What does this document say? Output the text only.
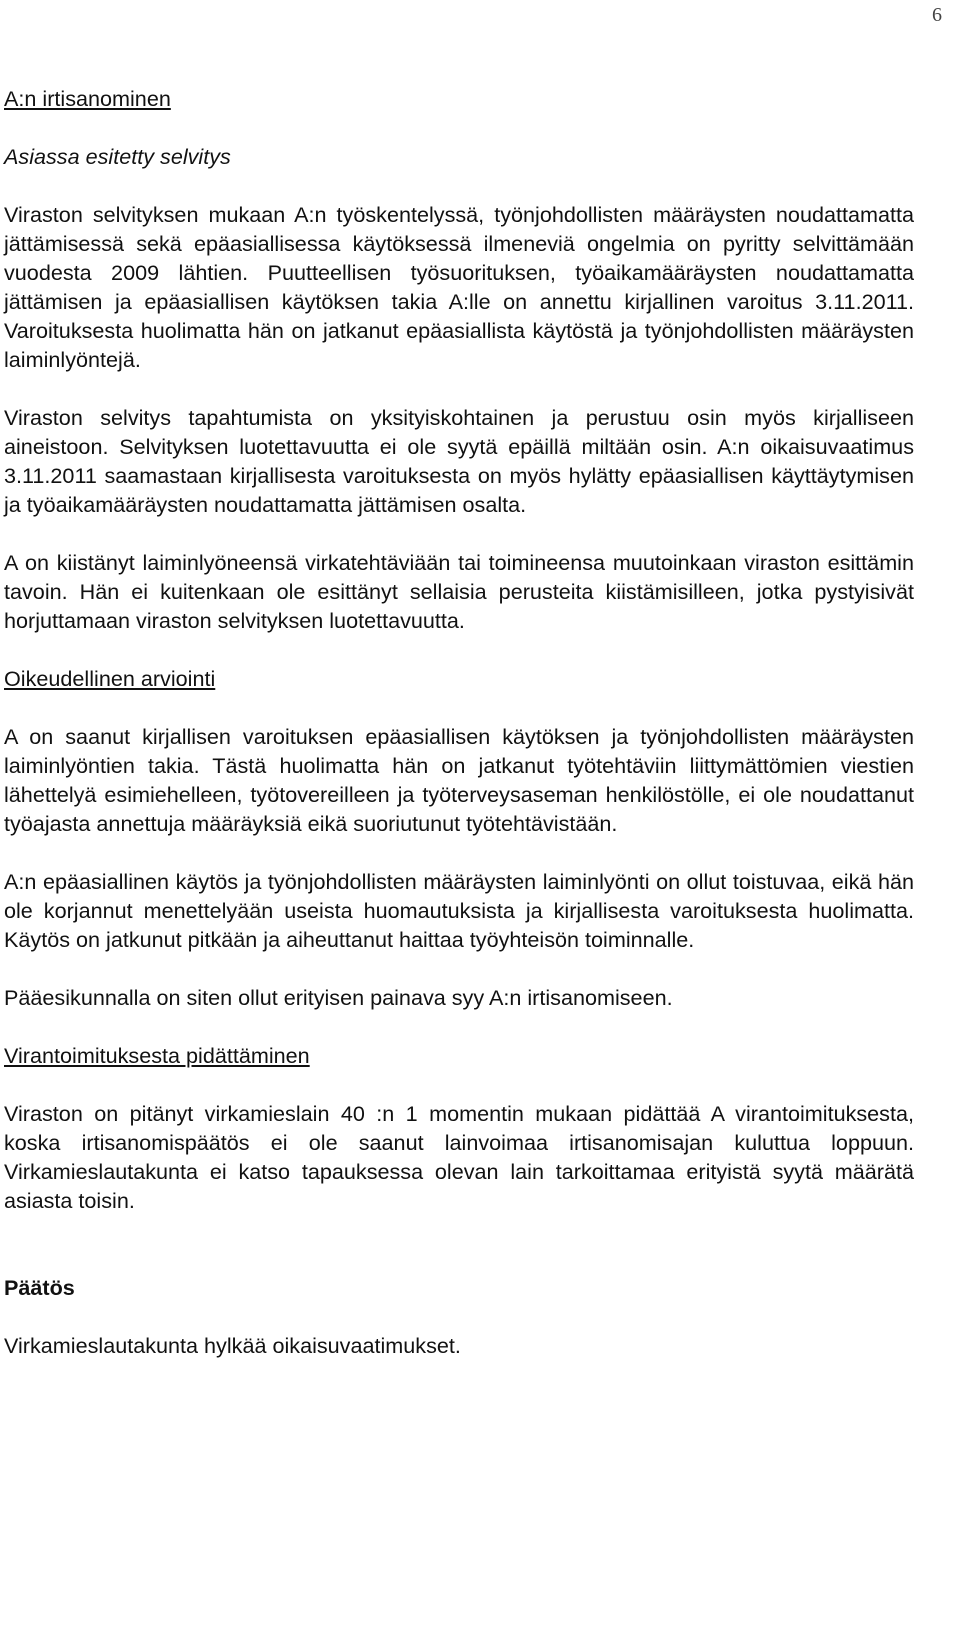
6
A:n irtisanominen
Asiassa esitetty selvitys

Viraston selvityksen mukaan A:n työskentelyssä, työnjohdollisten määräysten noudattamatta jättämisessä sekä epäasiallisessa käytöksessä ilmeneviä ongelmia on pyritty selvittämään vuodesta 2009 lähtien. Puutteellisen työsuorituksen, työaikamääräysten noudattamatta jättämisen ja epäasiallisen käytöksen takia A:lle on annettu kirjallinen varoitus 3.11.2011. Varoituksesta huolimatta hän on jatkanut epäasiallista käytöstä ja työnjohdollisten määräysten laiminlyöntejä.

Viraston selvitys tapahtumista on yksityiskohtainen ja perustuu osin myös kirjalliseen aineistoon. Selvityksen luotettavuutta ei ole syytä epäillä miltään osin. A:n oikaisuvaatimus 3.11.2011 saamastaan kirjallisesta varoituksesta on myös hylätty epäasiallisen käyttäytymisen ja työaikamääräysten noudattamatta jättämisen osalta.

A on kiistänyt laiminlyöneensä virkatehtäviään tai toimineensa muutoinkaan viraston esittämin tavoin. Hän ei kuitenkaan ole esittänyt sellaisia perusteita kiistämisilleen, jotka pystyisivät horjuttamaan viraston selvityksen luotettavuutta.

Oikeudellinen arviointi

A on saanut kirjallisen varoituksen epäasiallisen käytöksen ja työnjohdollisten määräysten laiminlyöntien takia. Tästä huolimatta hän on jatkanut työtehtäviin liittymättömien viestien lähettelyä esimiehelleen, työtovereilleen ja työterveysaseman henkilöstölle, ei ole noudattanut työajasta annettuja määräyksiä eikä suoriutunut työtehtävistään.

A:n epäasiallinen käytös ja työnjohdollisten määräysten laiminlyönti on ollut toistuvaa, eikä hän ole korjannut menettelyään useista huomautuksista ja kirjallisesta varoituksesta huolimatta. Käytös on jatkunut pitkään ja aiheuttanut haittaa työyhteisön toiminnalle.

Pääesikunnalla on siten ollut erityisen painava syy A:n irtisanomiseen.

Virantoimituksesta pidättäminen

Viraston on pitänyt virkamieslain 40 :n 1 momentin mukaan pidättää A virantoimituksesta, koska irtisanomispäätös ei ole saanut lainvoimaa irtisanomisajan kuluttua loppuun. Virkamieslautakunta ei katso tapauksessa olevan lain tarkoittamaa erityistä syytä määrätä asiasta toisin.

Päätös

Virkamieslautakunta hylkää oikaisuvaatimukset.
